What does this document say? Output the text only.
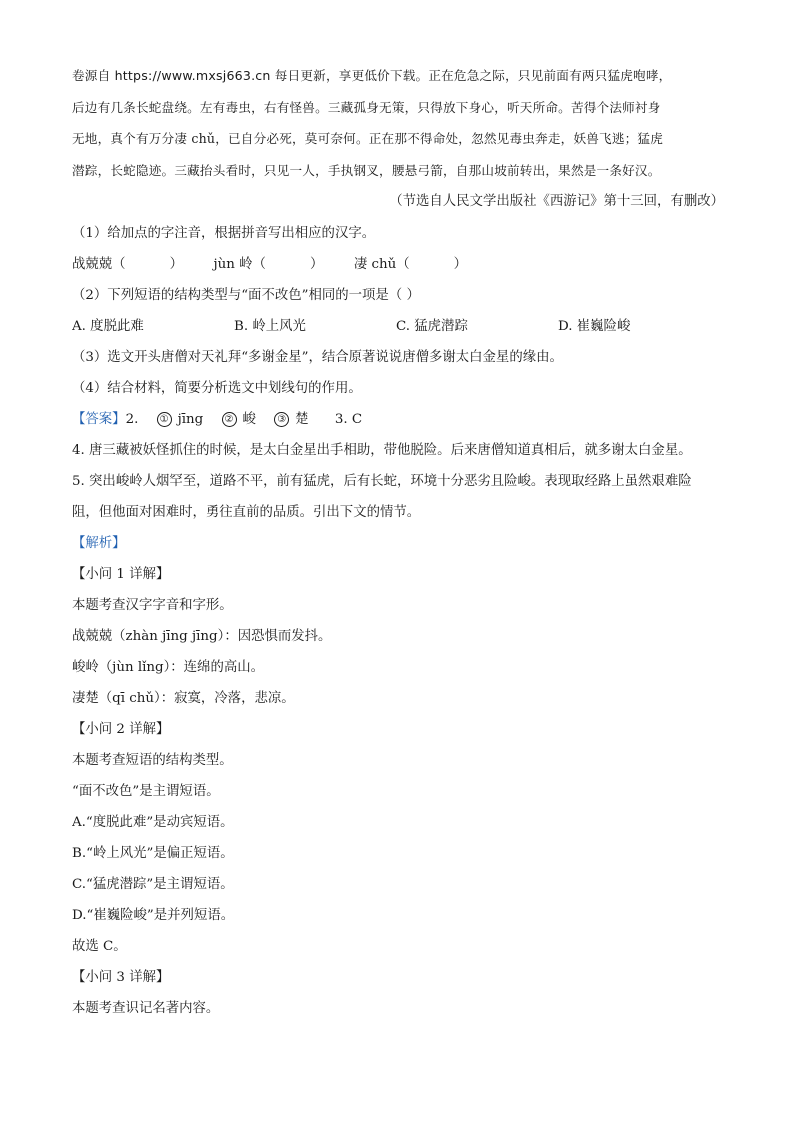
卷源自 https://www.mxsj663.cn 每日更新，享更低价下载。正在危急之际，只见前面有两只猛虎咆哮，
后边有几条长蛇盘绕。左有毒虫，右有怪兽。三藏孤身无策，只得放下身心，听天所命。苦得个法师衬身
无地，真个有万分凄 chǔ，已自分必死，莫可奈何。正在那不得命处，忽然见毒虫奔走，妖兽飞逃；猛虎
潜踪，长蛇隐迹。三藏抬头看时，只见一人，手执钢叉，腰悬弓箭，自那山坡前转出，果然是一条好汉。
（节选自人民文学出版社《西游记》第十三回，有删改）
（1）给加点的字注音，根据拼音写出相应的汉字。
战兢兢（	） jùn 岭（	） 凄 chǔ（	）
（2）下列短语的结构类型与“面不改色”相同的一项是（ ）
A. 度脱此难	B. 岭上风光	C. 猛虎潜踪	D. 崔巍险峻
（3）选文开头唐僧对天礼拜“多谢金星”，结合原著说说唐僧多谢太白金星的缘由。
（4）结合材料，简要分析选文中划线句的作用。
【答案】2. ① jīng ② 峻 ③ 楚 3. C
4. 唐三藏被妖怪抓住的时候，是太白金星出手相助，带他脱险。后来唐僧知道真相后，就多谢太白金星。
5. 突出峻岭人烟罕至，道路不平，前有猛虎，后有长蛇，环境十分恶劣且险峻。表现取经路上虽然艰难险
阻，但他面对困难时，勇往直前的品质。引出下文的情节。
【解析】
【小问 1 详解】
本题考查汉字字音和字形。
战兢兢（zhàn jīng jīng）：因恐惧而发抖。
峻岭（jùn lǐng）：连绵的高山。
凄楚（qī chǔ）：寂寞，冷落，悲凉。
【小问 2 详解】
本题考查短语的结构类型。
“面不改色”是主谓短语。
A.“度脱此难”是动宾短语。
B.“岭上风光”是偏正短语。
C.“猛虎潜踪”是主谓短语。
D.“崔巍险峻”是并列短语。
故选 C。
【小问 3 详解】
本题考查识记名著内容。
